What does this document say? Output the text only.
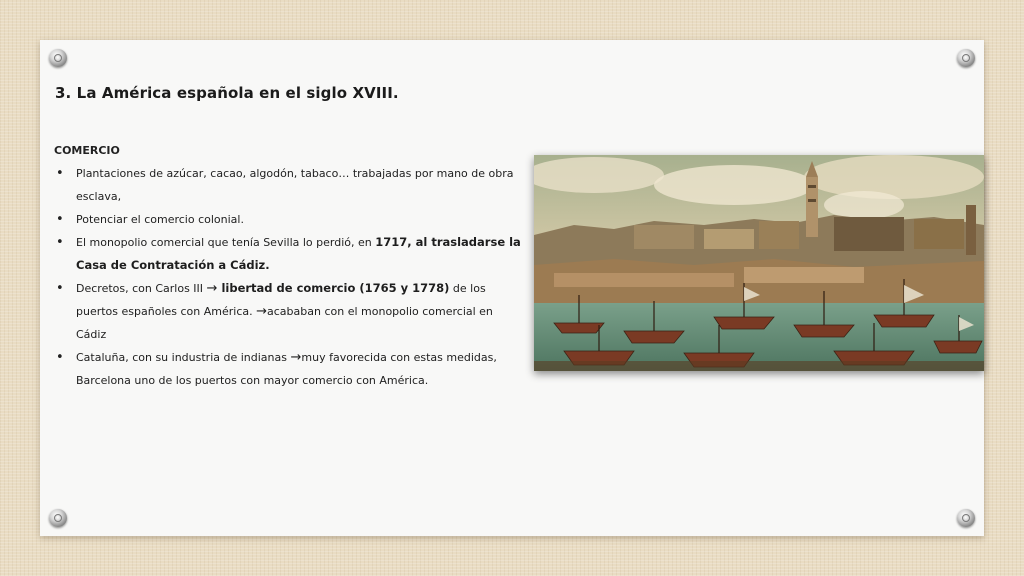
3. La América española en el siglo XVIII.
COMERCIO
• Plantaciones de azúcar, cacao, algodón, tabaco… trabajadas por mano de obra esclava,
• Potenciar el comercio colonial.
• El monopolio comercial que tenía Sevilla lo perdió, en 1717, al trasladarse la Casa de Contratación a Cádiz.
• Decretos, con Carlos III → libertad de comercio (1765 y 1778) de los puertos españoles con América. →acababan con el monopolio comercial en Cádiz
• Cataluña, con su industria de indianas →muy favorecida con estas medidas, Barcelona uno de los puertos con mayor comercio con América.
